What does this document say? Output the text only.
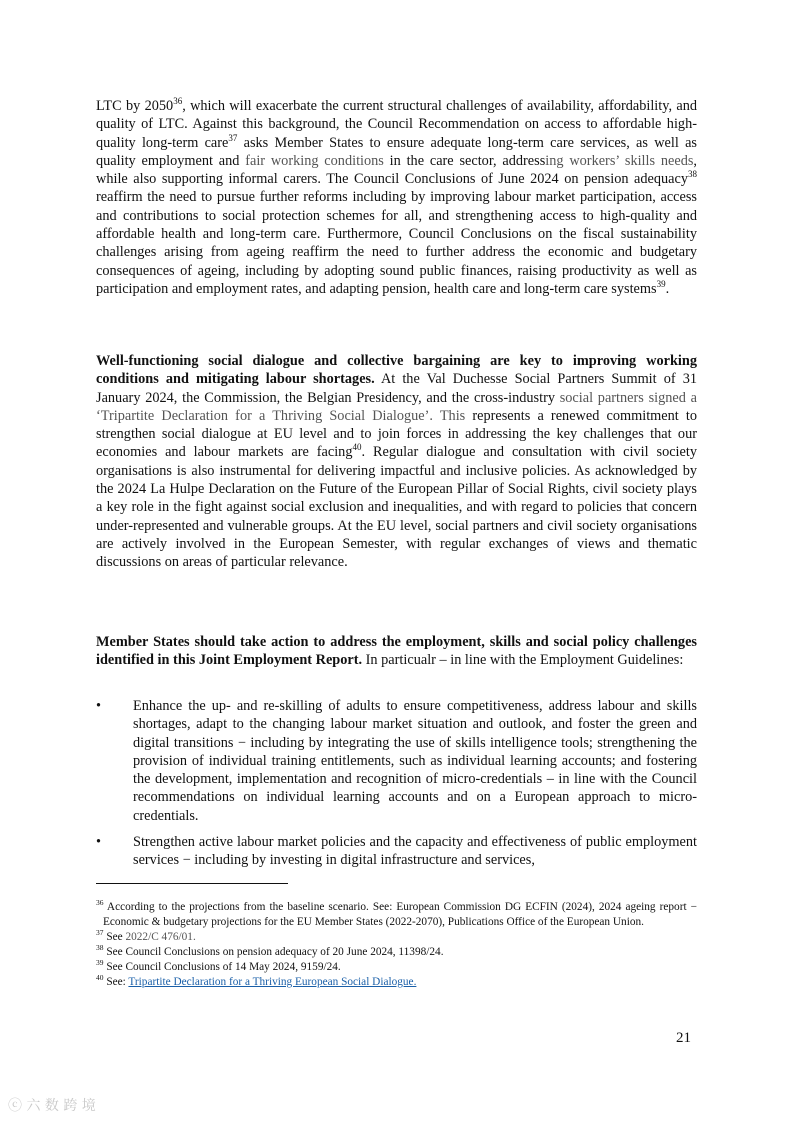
LTC by 2050$^{36}$, which will exacerbate the current structural challenges of availability, affordability, and quality of LTC. Against this background, the Council Recommendation on access to affordable high-quality long-term care$^{37}$ asks Member States to ensure adequate long-term care services, as well as quality employment and fair working conditions in the care sector, addressing workers’ skills needs, while also supporting informal carers. The Council Conclusions of June 2024 on pension adequacy$^{38}$ reaffirm the need to pursue further reforms including by improving labour market participation, access and contributions to social protection schemes for all, and strengthening access to high-quality and affordable health and long-term care. Furthermore, Council Conclusions on the fiscal sustainability challenges arising from ageing reaffirm the need to further address the economic and budgetary consequences of ageing, including by adopting sound public finances, raising productivity as well as participation and employment rates, and adapting pension, health care and long-term care systems$^{39}$.

Well-functioning social dialogue and collective bargaining are key to improving working conditions and mitigating labour shortages. At the Val Duchesse Social Partners Summit of 31 January 2024, the Commission, the Belgian Presidency, and the cross-industry social partners signed a ‘Tripartite Declaration for a Thriving Social Dialogue’. This represents a renewed commitment to strengthen social dialogue at EU level and to join forces in addressing the key challenges that our economies and labour markets are facing$^{40}$. Regular dialogue and consultation with civil society organisations is also instrumental for delivering impactful and inclusive policies. As acknowledged by the 2024 La Hulpe Declaration on the Future of the European Pillar of Social Rights, civil society plays a key role in the fight against social exclusion and inequalities, and with regard to policies that concern under-represented and vulnerable groups. At the EU level, social partners and civil society organisations are actively involved in the European Semester, with regular exchanges of views and thematic discussions on areas of particular relevance.

Member States should take action to address the employment, skills and social policy challenges identified in this Joint Employment Report. In particualr – in line with the Employment Guidelines:

• Enhance the up- and re-skilling of adults to ensure competitiveness, address labour and skills shortages, adapt to the changing labour market situation and outlook, and foster the green and digital transitions − including by integrating the use of skills intelligence tools; strengthening the provision of individual training entitlements, such as individual learning accounts; and fostering the development, implementation and recognition of micro-credentials – in line with the Council recommendations on individual learning accounts and on a European approach to micro-credentials.
• Strengthen active labour market policies and the capacity and effectiveness of public employment services − including by investing in digital infrastructure and services,

$^{36}$ According to the projections from the baseline scenario. See: European Commission DG ECFIN (2024), 2024 ageing report − Economic & budgetary projections for the EU Member States (2022-2070), Publications Office of the European Union.

$^{37}$ See 2022/C 476/01.

$^{38}$ See Council Conclusions on pension adequacy of 20 June 2024, 11398/24.

$^{39}$ See Council Conclusions of 14 May 2024, 9159/24.

$^{40}$ See: Tripartite Declaration for a Thriving European Social Dialogue.

21
ⓒ 六 数 跨 境
